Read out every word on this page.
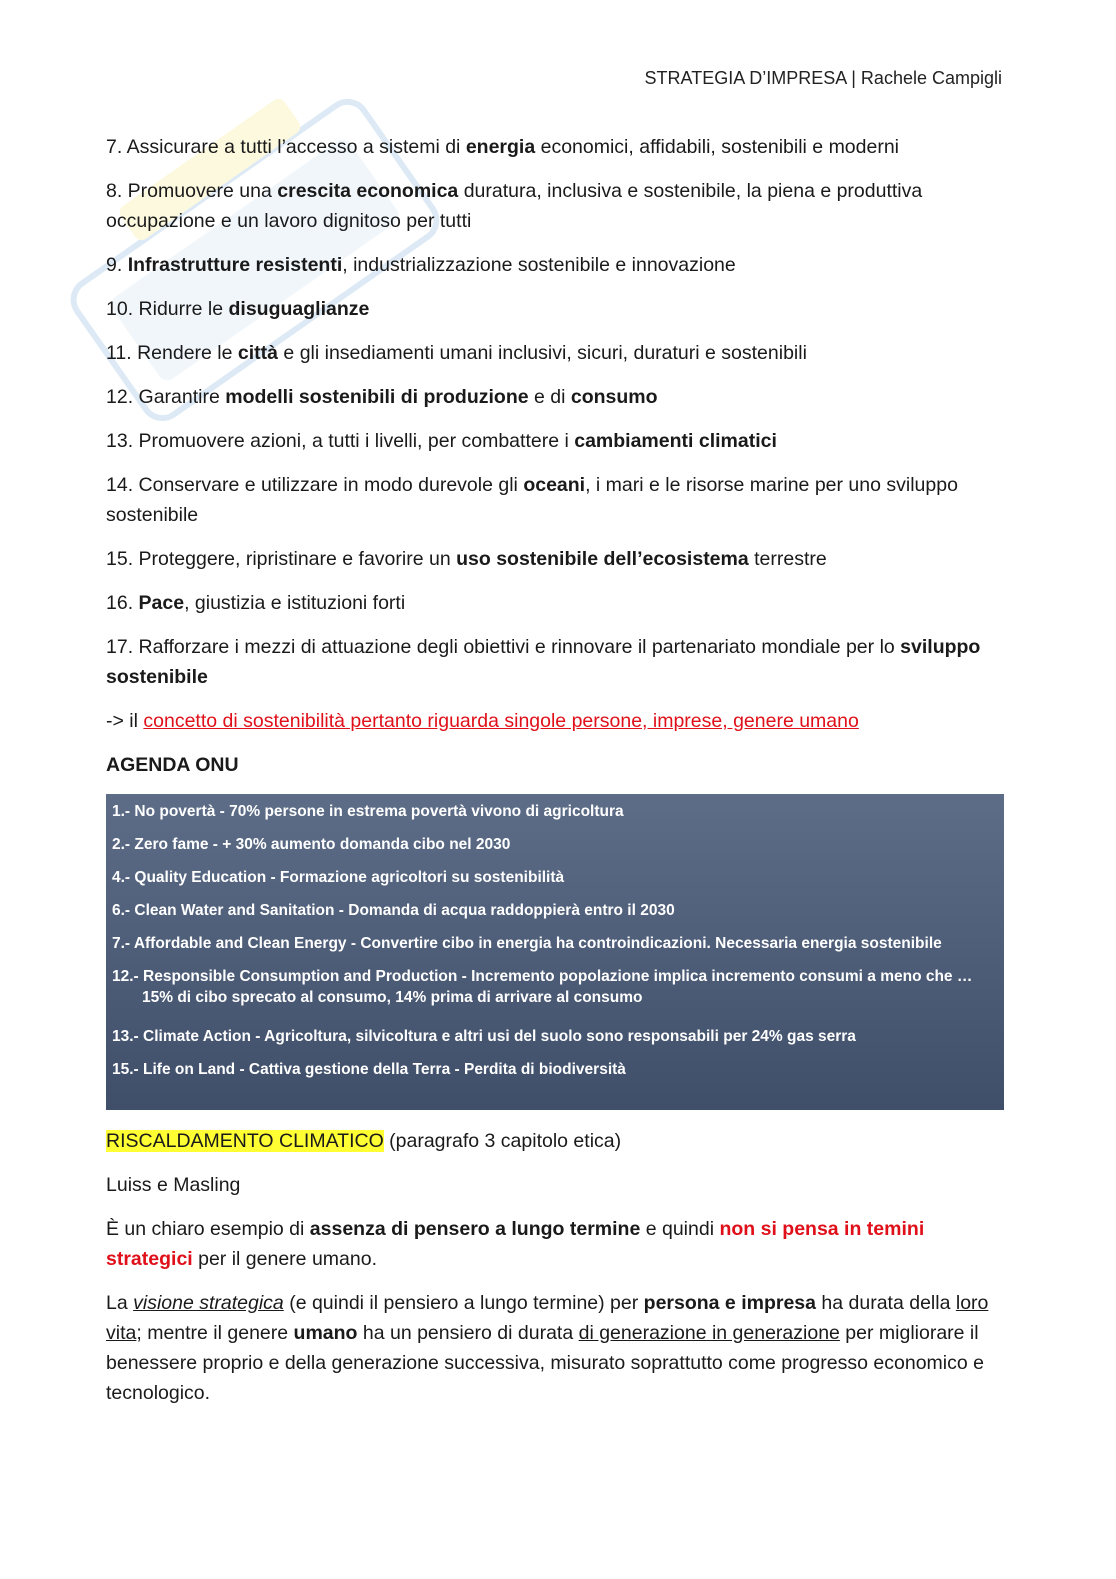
STRATEGIA D’IMPRESA | Rachele Campigli

7. Assicurare a tutti l’accesso a sistemi di energia economici, affidabili, sostenibili e moderni

8. Promuovere una crescita economica duratura, inclusiva e sostenibile, la piena e produttiva occupazione e un lavoro dignitoso per tutti

9. Infrastrutture resistenti, industrializzazione sostenibile e innovazione

10. Ridurre le disuguaglianze

11. Rendere le città e gli insediamenti umani inclusivi, sicuri, duraturi e sostenibili

12. Garantire modelli sostenibili di produzione e di consumo

13. Promuovere azioni, a tutti i livelli, per combattere i cambiamenti climatici

14. Conservare e utilizzare in modo durevole gli oceani, i mari e le risorse marine per uno sviluppo sostenibile

15. Proteggere, ripristinare e favorire un uso sostenibile dell’ecosistema terrestre

16. Pace, giustizia e istituzioni forti

17. Rafforzare i mezzi di attuazione degli obiettivi e rinnovare il partenariato mondiale per lo sviluppo sostenibile

-> il concetto di sostenibilità pertanto riguarda singole persone, imprese, genere umano

AGENDA ONU

1.- No povertà - 70% persone in estrema povertà vivono di agricoltura
2.- Zero fame - + 30% aumento domanda cibo nel 2030
4.- Quality Education - Formazione agricoltori su sostenibilità
6.- Clean Water and Sanitation - Domanda di acqua raddoppierà entro il 2030
7.- Affordable and Clean Energy - Convertire cibo in energia ha controindicazioni. Necessaria energia sostenibile
12.- Responsible Consumption and Production - Incremento popolazione implica incremento consumi a meno che …
15% di cibo sprecato al consumo, 14% prima di arrivare al consumo
13.- Climate Action - Agricoltura, silvicoltura e altri usi del suolo sono responsabili per 24% gas serra
15.- Life on Land - Cattiva gestione della Terra - Perdita di biodiversità

RISCALDAMENTO CLIMATICO (paragrafo 3 capitolo etica)

Luiss e Masling

È un chiaro esempio di assenza di pensero a lungo termine e quindi non si pensa in temini strategici per il genere umano.

La visione strategica (e quindi il pensiero a lungo termine) per persona e impresa ha durata della loro vita; mentre il genere umano ha un pensiero di durata di generazione in generazione per migliorare il benessere proprio e della generazione successiva, misurato soprattutto come progresso economico e tecnologico.
